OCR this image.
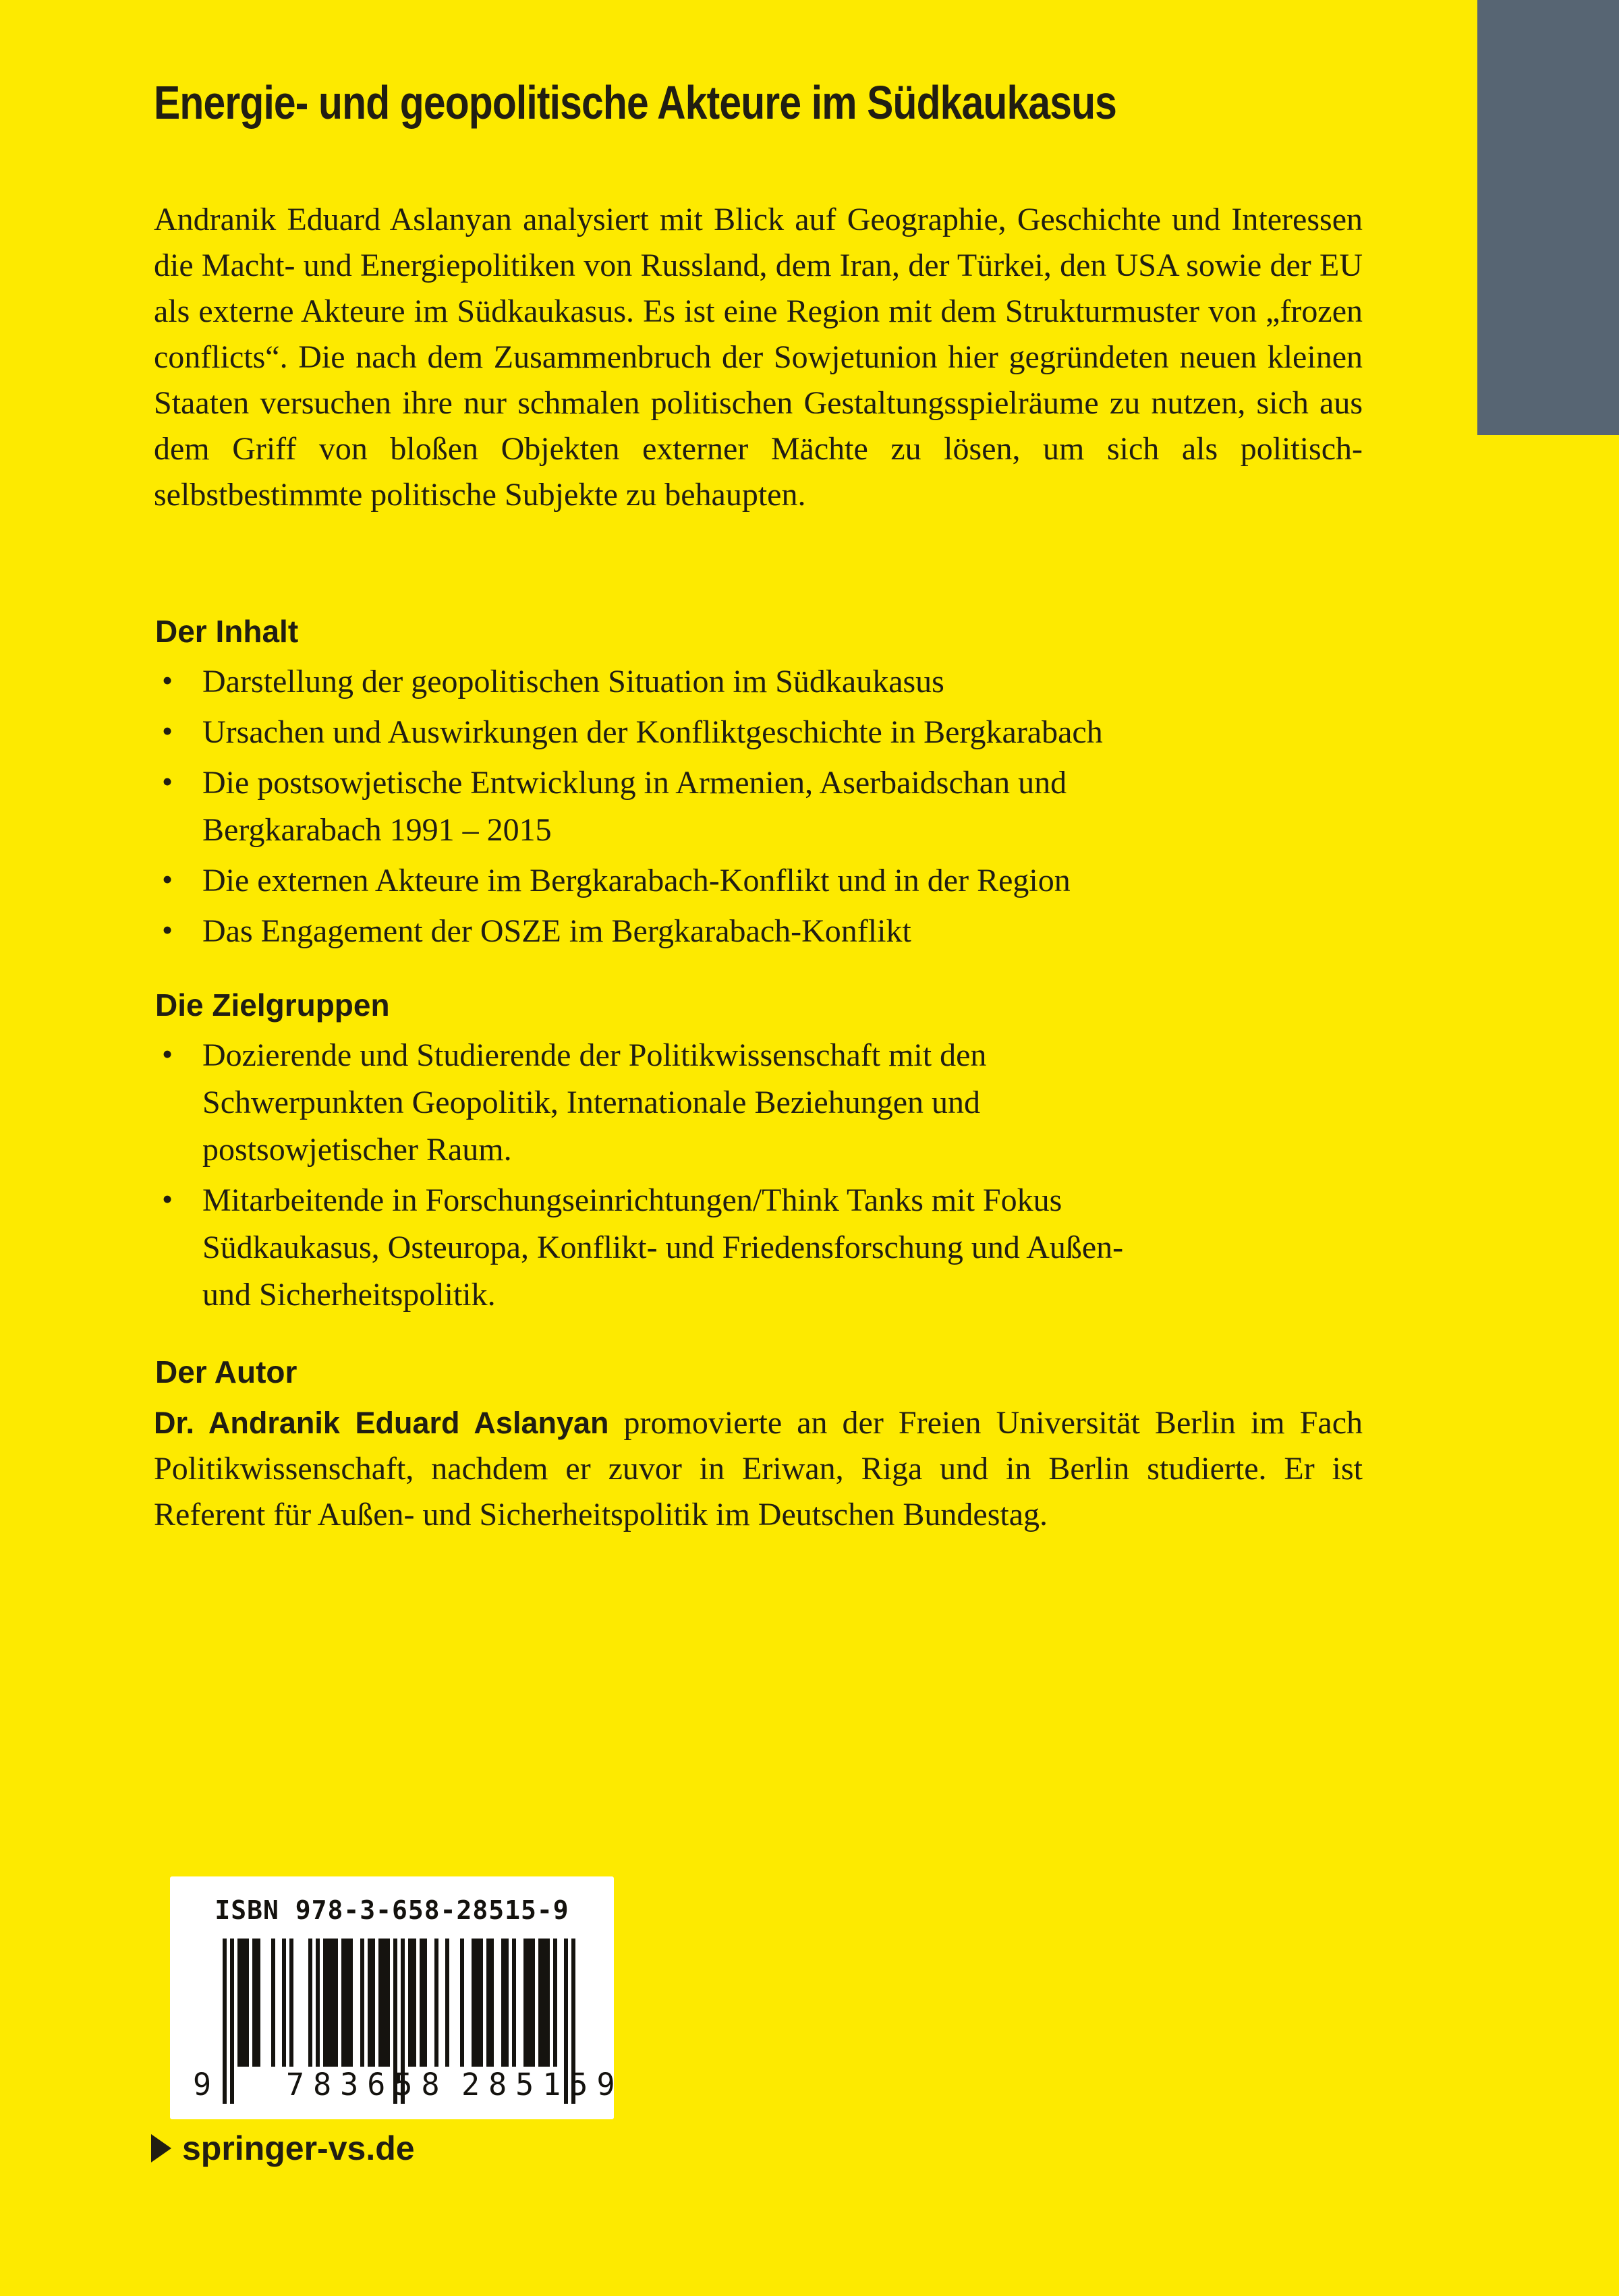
Energie- und geopolitische Akteure im Südkaukasus

Andranik Eduard Aslanyan analysiert mit Blick auf Geographie, Geschichte und Interessen die Macht- und Energiepolitiken von Russland, dem Iran, der Türkei, den USA sowie der EU als externe Akteure im Südkaukasus. Es ist eine Region mit dem Strukturmuster von „frozen conflicts“. Die nach dem Zusammenbruch der Sowjetunion hier gegründeten neuen kleinen Staaten versuchen ihre nur schmalen politischen Gestaltungsspielräume zu nutzen, sich aus dem Griff von bloßen Objekten externer Mächte zu lösen, um sich als politisch-selbstbestimmte politische Subjekte zu behaupten.

Der Inhalt
• Darstellung der geopolitischen Situation im Südkaukasus
• Ursachen und Auswirkungen der Konfliktgeschichte in Bergkarabach
• Die postsowjetische Entwicklung in Armenien, Aserbaidschan und Bergkarabach 1991 – 2015
• Die externen Akteure im Bergkarabach-Konflikt und in der Region
• Das Engagement der OSZE im Bergkarabach-Konflikt
Die Zielgruppen
• Dozierende und Studierende der Politikwissenschaft mit den Schwerpunkten Geopolitik, Internationale Beziehungen und postsowjetischer Raum.
• Mitarbeitende in Forschungseinrichtungen/Think Tanks mit Fokus Südkaukasus, Osteuropa, Konflikt- und Friedensforschung und Außen- und Sicherheitspolitik.
Der Autor

Dr. Andranik Eduard Aslanyan promovierte an der Freien Universität Berlin im Fach Politikwissenschaft, nachdem er zuvor in Eriwan, Riga und in Berlin studierte. Er ist Referent für Außen- und Sicherheitspolitik im Deutschen Bundestag.

ISBN 978-3-658-28515-9
9 783658 285159
springer-vs.de
